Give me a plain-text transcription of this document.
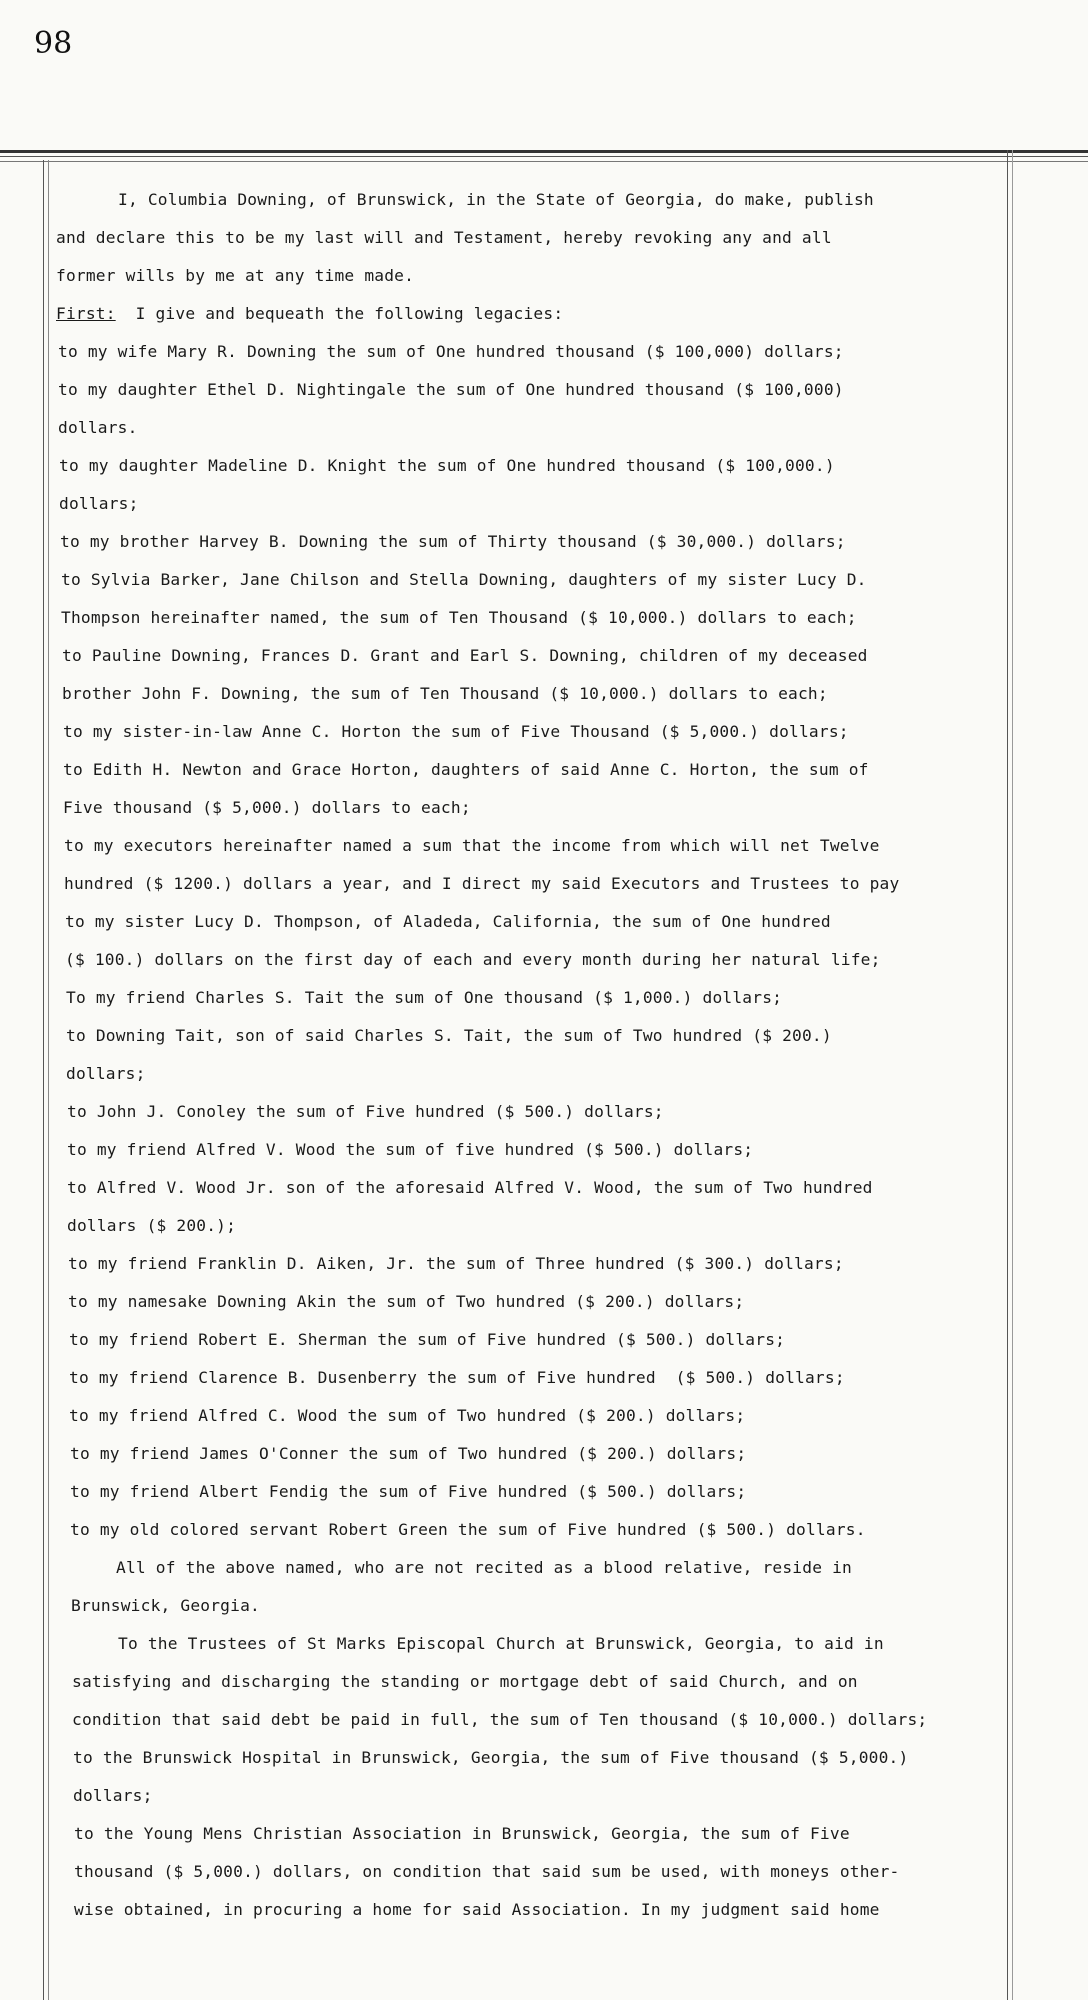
98
I, Columbia Downing, of Brunswick, in the State of Georgia, do make, publish
and declare this to be my last will and Testament, hereby revoking any and all
former wills by me at any time made.
First: I give and bequeath the following legacies:
to my wife Mary R. Downing the sum of One hundred thousand ($ 100,000) dollars;
to my daughter Ethel D. Nightingale the sum of One hundred thousand ($ 100,000)
dollars.
to my daughter Madeline D. Knight the sum of One hundred thousand ($ 100,000.)
dollars;
to my brother Harvey B. Downing the sum of Thirty thousand ($ 30,000.) dollars;
to Sylvia Barker, Jane Chilson and Stella Downing, daughters of my sister Lucy D.
Thompson hereinafter named, the sum of Ten Thousand ($ 10,000.) dollars to each;
to Pauline Downing, Frances D. Grant and Earl S. Downing, children of my deceased
brother John F. Downing, the sum of Ten Thousand ($ 10,000.) dollars to each;
to my sister-in-law Anne C. Horton the sum of Five Thousand ($ 5,000.) dollars;
to Edith H. Newton and Grace Horton, daughters of said Anne C. Horton, the sum of
Five thousand ($ 5,000.) dollars to each;
to my executors hereinafter named a sum that the income from which will net Twelve
hundred ($ 1200.) dollars a year, and I direct my said Executors and Trustees to pay
to my sister Lucy D. Thompson, of Aladeda, California, the sum of One hundred
($ 100.) dollars on the first day of each and every month during her natural life;
To my friend Charles S. Tait the sum of One thousand ($ 1,000.) dollars;
to Downing Tait, son of said Charles S. Tait, the sum of Two hundred ($ 200.)
dollars;
to John J. Conoley the sum of Five hundred ($ 500.) dollars;
to my friend Alfred V. Wood the sum of five hundred ($ 500.) dollars;
to Alfred V. Wood Jr. son of the aforesaid Alfred V. Wood, the sum of Two hundred
dollars ($ 200.);
to my friend Franklin D. Aiken, Jr. the sum of Three hundred ($ 300.) dollars;
to my namesake Downing Akin the sum of Two hundred ($ 200.) dollars;
to my friend Robert E. Sherman the sum of Five hundred ($ 500.) dollars;
to my friend Clarence B. Dusenberry the sum of Five hundred  ($ 500.) dollars;
to my friend Alfred C. Wood the sum of Two hundred ($ 200.) dollars;
to my friend James O'Conner the sum of Two hundred ($ 200.) dollars;
to my friend Albert Fendig the sum of Five hundred ($ 500.) dollars;
to my old colored servant Robert Green the sum of Five hundred ($ 500.) dollars.
All of the above named, who are not recited as a blood relative, reside in
Brunswick, Georgia.
To the Trustees of St Marks Episcopal Church at Brunswick, Georgia, to aid in
satisfying and discharging the standing or mortgage debt of said Church, and on
condition that said debt be paid in full, the sum of Ten thousand ($ 10,000.) dollars;
to the Brunswick Hospital in Brunswick, Georgia, the sum of Five thousand ($ 5,000.)
dollars;
to the Young Mens Christian Association in Brunswick, Georgia, the sum of Five
thousand ($ 5,000.) dollars, on condition that said sum be used, with moneys other-
wise obtained, in procuring a home for said Association. In my judgment said home
